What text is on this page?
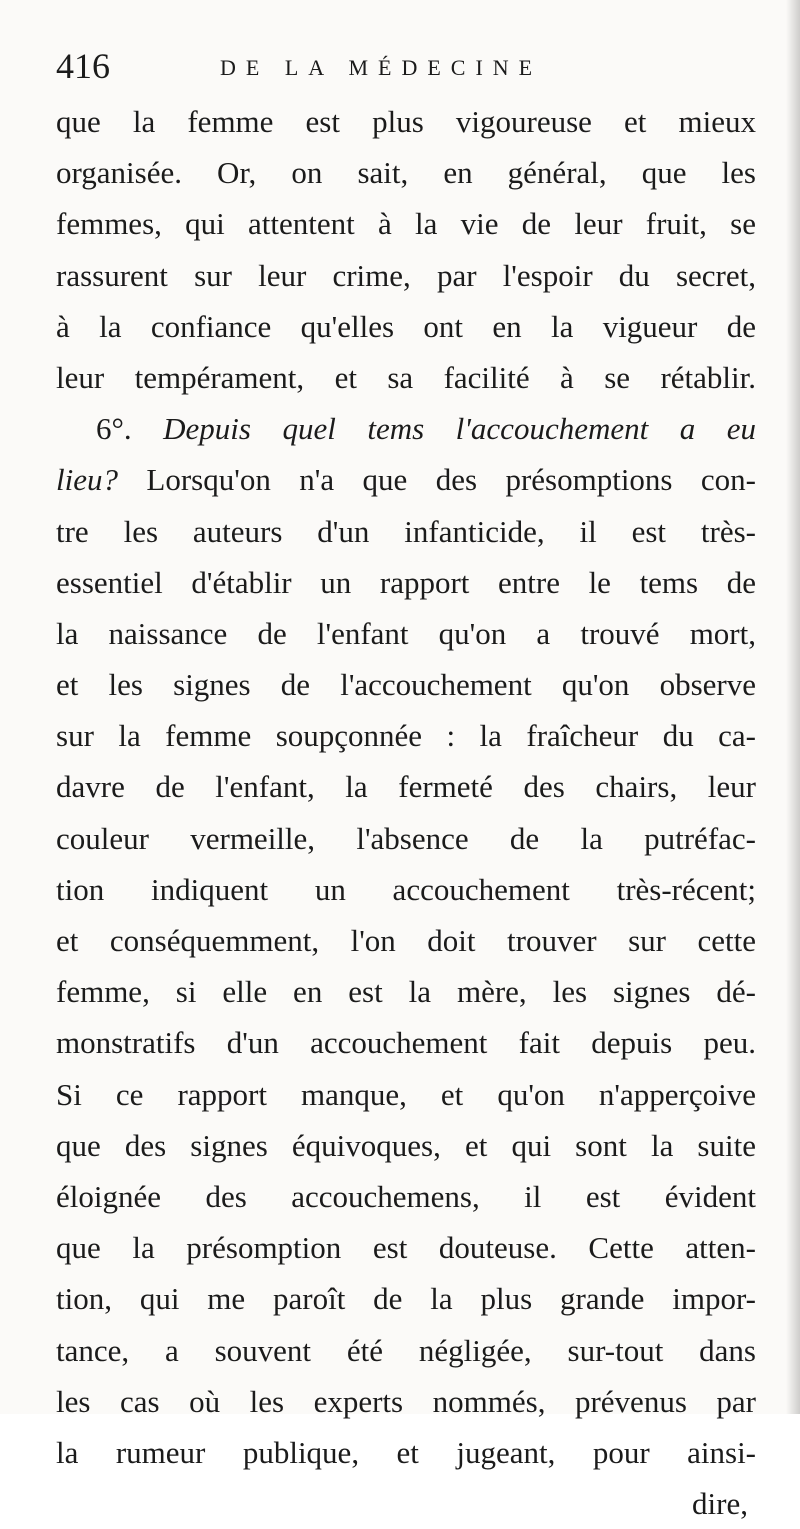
416	DE LA MÉDECINE
que la femme est plus vigoureuse et mieux
organisée. Or, on sait, en général, que les
femmes, qui attentent à la vie de leur fruit, se
rassurent sur leur crime, par l'espoir du secret,
à la confiance qu'elles ont en la vigueur de
leur tempérament, et sa facilité à se rétablir.
6°. Depuis quel tems l'accouchement a eu
lieu? Lorsqu'on n'a que des présomptions con-
tre les auteurs d'un infanticide, il est très-
essentiel d'établir un rapport entre le tems de
la naissance de l'enfant qu'on a trouvé mort,
et les signes de l'accouchement qu'on observe
sur la femme soupçonnée : la fraîcheur du ca-
davre de l'enfant, la fermeté des chairs, leur
couleur vermeille, l'absence de la putréfac-
tion indiquent un accouchement très-récent;
et conséquemment, l'on doit trouver sur cette
femme, si elle en est la mère, les signes dé-
monstratifs d'un accouchement fait depuis peu.
Si ce rapport manque, et qu'on n'apperçoive
que des signes équivoques, et qui sont la suite
éloignée des accouchemens, il est évident
que la présomption est douteuse. Cette atten-
tion, qui me paroît de la plus grande impor-
tance, a souvent été négligée, sur-tout dans
les cas où les experts nommés, prévenus par
la rumeur publique, et jugeant, pour ainsi-
dire,
